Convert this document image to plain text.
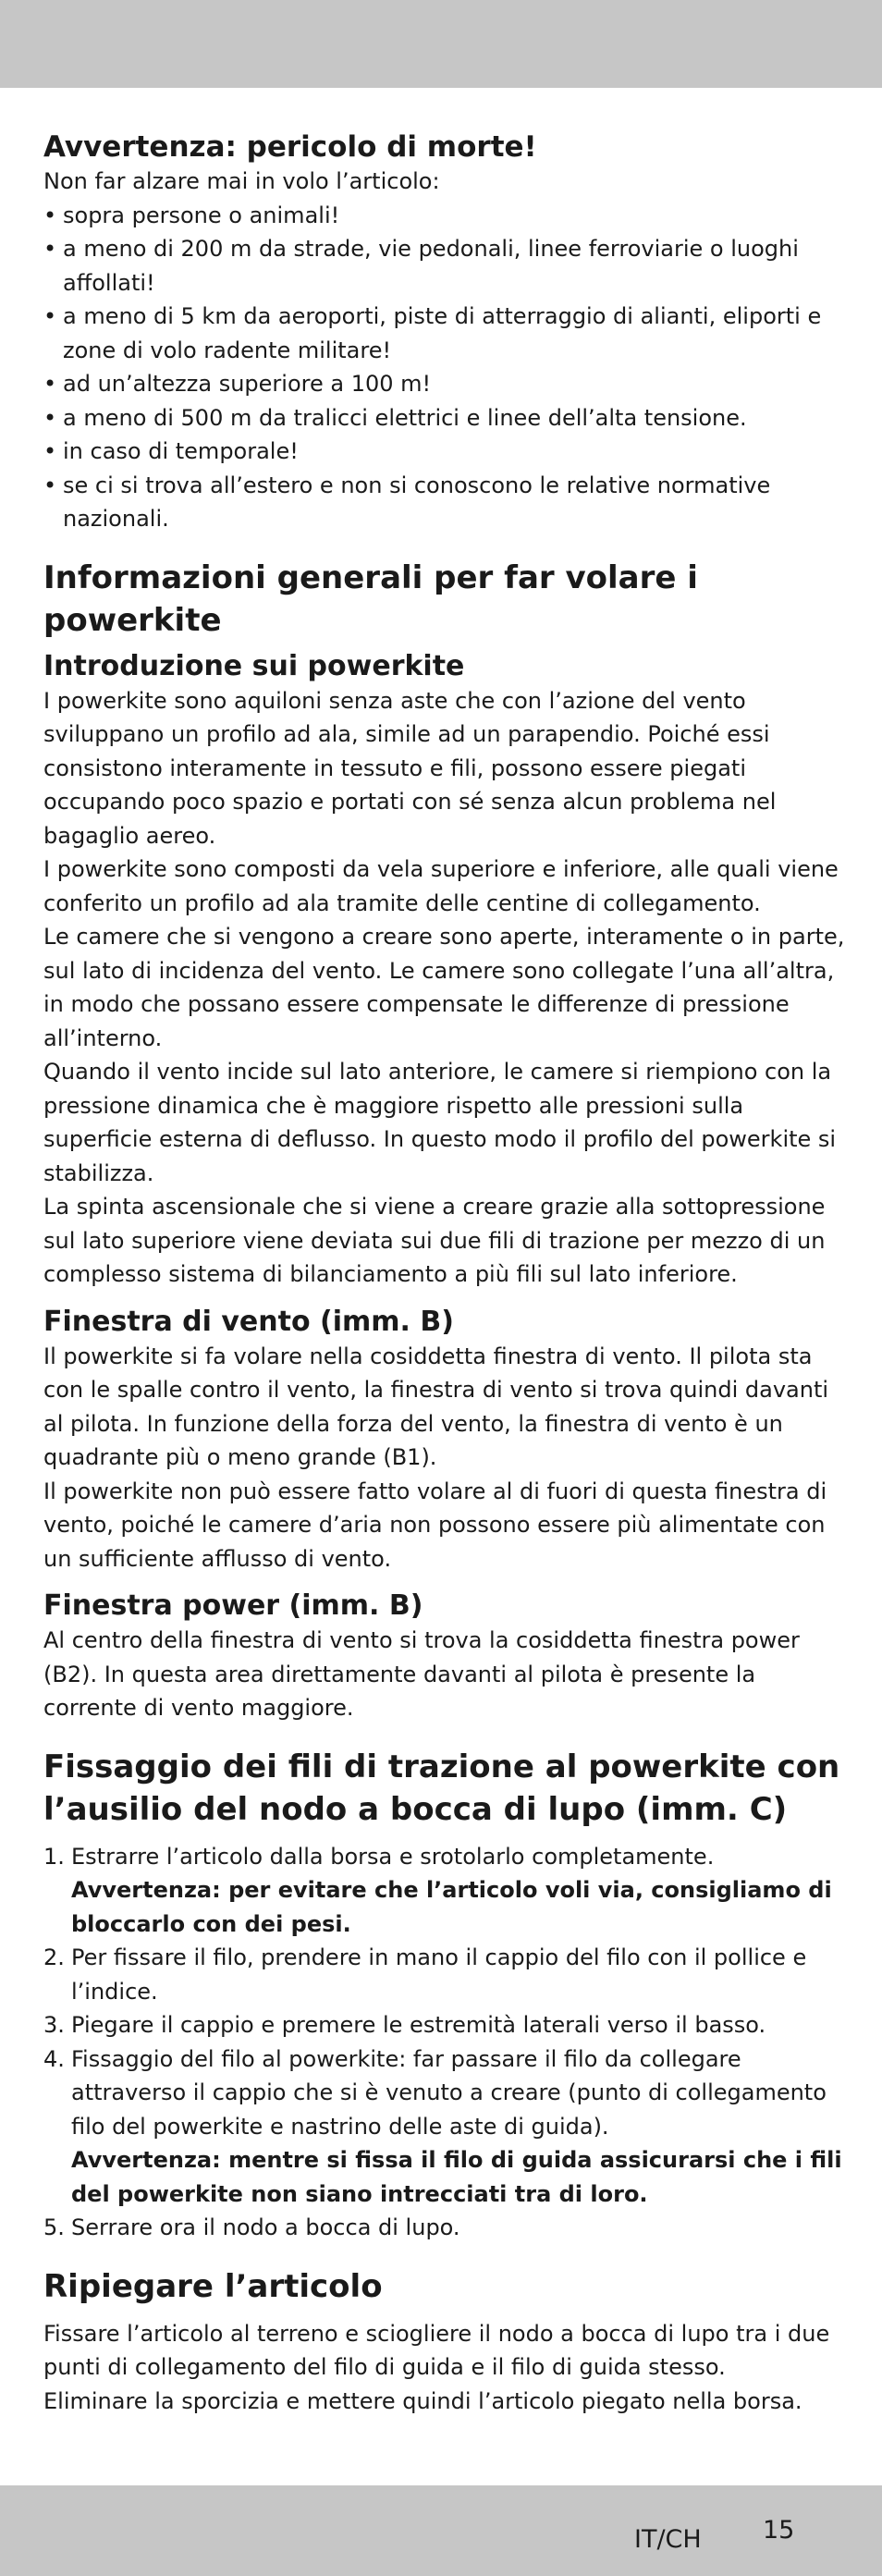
Avvertenza: pericolo di morte!

Non far alzare mai in volo l’articolo:

• sopra persone o animali!
• a meno di 200 m da strade, vie pedonali, linee ferroviarie o luoghi affollati!
• a meno di 5 km da aeroporti, piste di atterraggio di alianti, eliporti e zone di volo radente militare!
• ad un’altezza superiore a 100 m!
• a meno di 500 m da tralicci elettrici e linee dell’alta tensione.
• in caso di temporale!
• se ci si trova all’estero e non si conoscono le relative normative nazionali.
Informazioni generali per far volare i powerkite
Introduzione sui powerkite

I powerkite sono aquiloni senza aste che con l’azione del vento sviluppano un profilo ad ala, simile ad un parapendio. Poiché essi consistono interamente in tessuto e fili, possono essere piegati occupando poco spazio e portati con sé senza alcun problema nel bagaglio aereo.

I powerkite sono composti da vela superiore e inferiore, alle quali viene conferito un profilo ad ala tramite delle centine di collegamento.

Le camere che si vengono a creare sono aperte, interamente o in parte, sul lato di incidenza del vento. Le camere sono collegate l’una all’altra, in modo che possano essere compensate le differenze di pressione all’interno.

Quando il vento incide sul lato anteriore, le camere si riempiono con la pressione dinamica che è maggiore rispetto alle pressioni sulla superficie esterna di deflusso. In questo modo il profilo del powerkite si stabilizza.

La spinta ascensionale che si viene a creare grazie alla sottopressione sul lato superiore viene deviata sui due fili di trazione per mezzo di un complesso sistema di bilanciamento a più fili sul lato inferiore.

Finestra di vento (imm. B)

Il powerkite si fa volare nella cosiddetta finestra di vento. Il pilota sta con le spalle contro il vento, la finestra di vento si trova quindi davanti al pilota. In funzione della forza del vento, la finestra di vento è un quadrante più o meno grande (B1).

Il powerkite non può essere fatto volare al di fuori di questa finestra di vento, poiché le camere d’aria non possono essere più alimentate con un sufficiente afflusso di vento.

Finestra power (imm. B)

Al centro della finestra di vento si trova la cosiddetta finestra power (B2). In questa area direttamente davanti al pilota è presente la corrente di vento maggiore.

Fissaggio dei fili di trazione al powerkite con l’ausilio del nodo a bocca di lupo (imm. C)
1. Estrarre l’articolo dalla borsa e srotolarlo completamente.
Avvertenza: per evitare che l’articolo voli via, consigliamo di bloccarlo con dei pesi.
2. Per fissare il filo, prendere in mano il cappio del filo con il pollice e l’indice.
3. Piegare il cappio e premere le estremità laterali verso il basso.
4. Fissaggio del filo al powerkite: far passare il filo da collegare attraverso il cappio che si è venuto a creare (punto di collegamento filo del powerkite e nastrino delle aste di guida).
Avvertenza: mentre si fissa il filo di guida assicurarsi che i fili del powerkite non siano intrecciati tra di loro.
5. Serrare ora il nodo a bocca di lupo.
Ripiegare l’articolo

Fissare l’articolo al terreno e sciogliere il nodo a bocca di lupo tra i due punti di collegamento del filo di guida e il filo di guida stesso.

Eliminare la sporcizia e mettere quindi l’articolo piegato nella borsa.

IT/CH 15
